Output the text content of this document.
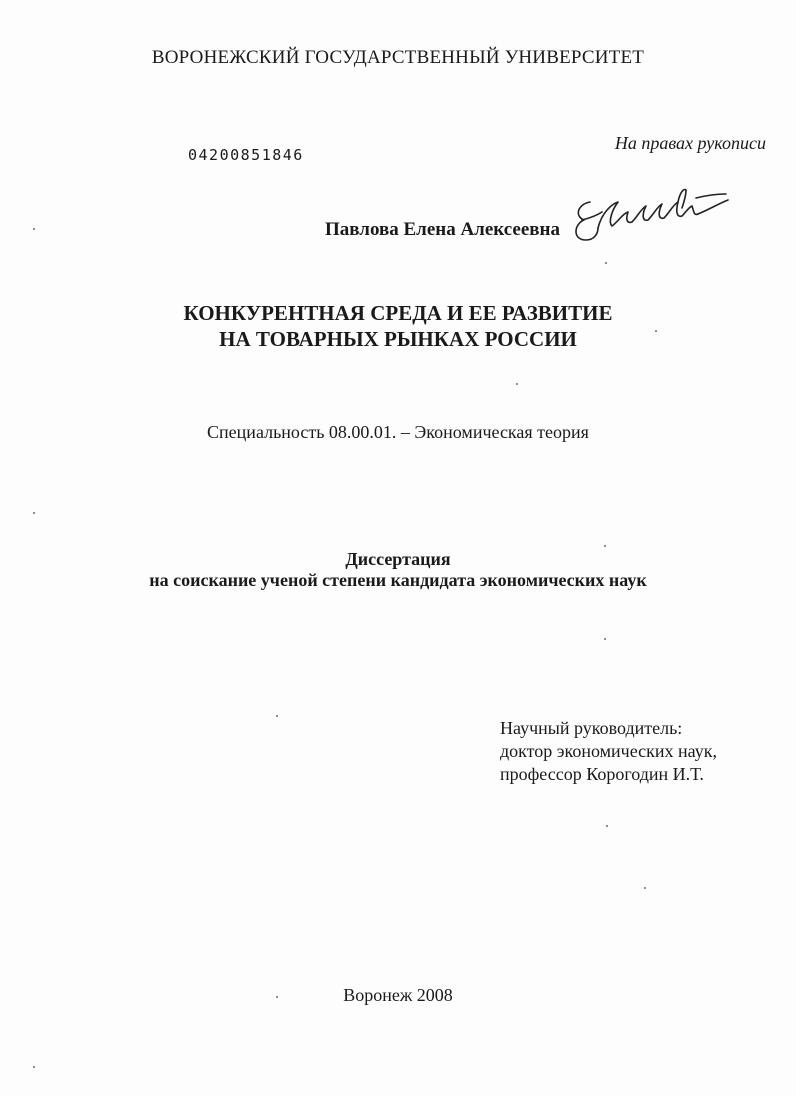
ВОРОНЕЖСКИЙ ГОСУДАРСТВЕННЫЙ УНИВЕРСИТЕТ
04200851846
На правах рукописи
Павлова Елена Алексеевна
КОНКУРЕНТНАЯ СРЕДА И ЕЕ РАЗВИТИЕ
НА ТОВАРНЫХ РЫНКАХ РОССИИ
Специальность 08.00.01. – Экономическая теория
Диссертация
на соискание ученой степени кандидата экономических наук
Научный руководитель:
доктор экономических наук,
профессор Корогодин И.Т.
Воронеж 2008
